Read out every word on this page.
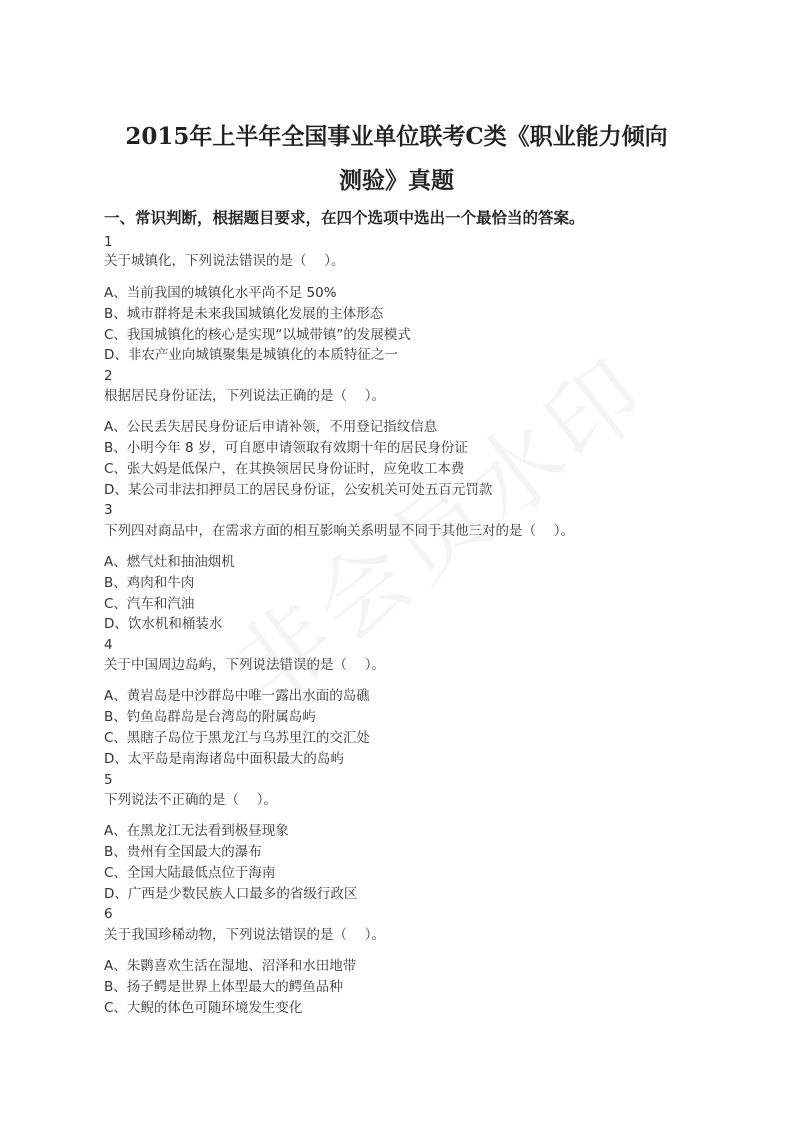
2015年上半年全国事业单位联考C类《职业能力倾向
测验》真题
一、常识判断，根据题目要求，在四个选项中选出一个最恰当的答案。
1
关于城镇化，下列说法错误的是（　 ）。
A、当前我国的城镇化水平尚不足 50%
B、城市群将是未来我国城镇化发展的主体形态
C、我国城镇化的核心是实现“以城带镇”的发展模式
D、非农产业向城镇聚集是城镇化的本质特征之一
2
根据居民身份证法，下列说法正确的是（　 ）。
A、公民丢失居民身份证后申请补领，不用登记指纹信息
B、小明今年 8 岁，可自愿申请领取有效期十年的居民身份证
C、张大妈是低保户，在其换领居民身份证时，应免收工本费
D、某公司非法扣押员工的居民身份证，公安机关可处五百元罚款
3
下列四对商品中，在需求方面的相互影响关系明显不同于其他三对的是（　 ）。
A、燃气灶和抽油烟机
B、鸡肉和牛肉
C、汽车和汽油
D、饮水机和桶装水
4
关于中国周边岛屿，下列说法错误的是（　 ）。
A、黄岩岛是中沙群岛中唯一露出水面的岛礁
B、钓鱼岛群岛是台湾岛的附属岛屿
C、黑瞎子岛位于黑龙江与乌苏里江的交汇处
D、太平岛是南海诸岛中面积最大的岛屿
5
下列说法不正确的是（　 ）。
A、在黑龙江无法看到极昼现象
B、贵州有全国最大的瀑布
C、全国大陆最低点位于海南
D、广西是少数民族人口最多的省级行政区
6
关于我国珍稀动物，下列说法错误的是（　 ）。
A、朱鹮喜欢生活在湿地、沼泽和水田地带
B、扬子鳄是世界上体型最大的鳄鱼品种
C、大鲵的体色可随环境发生变化
